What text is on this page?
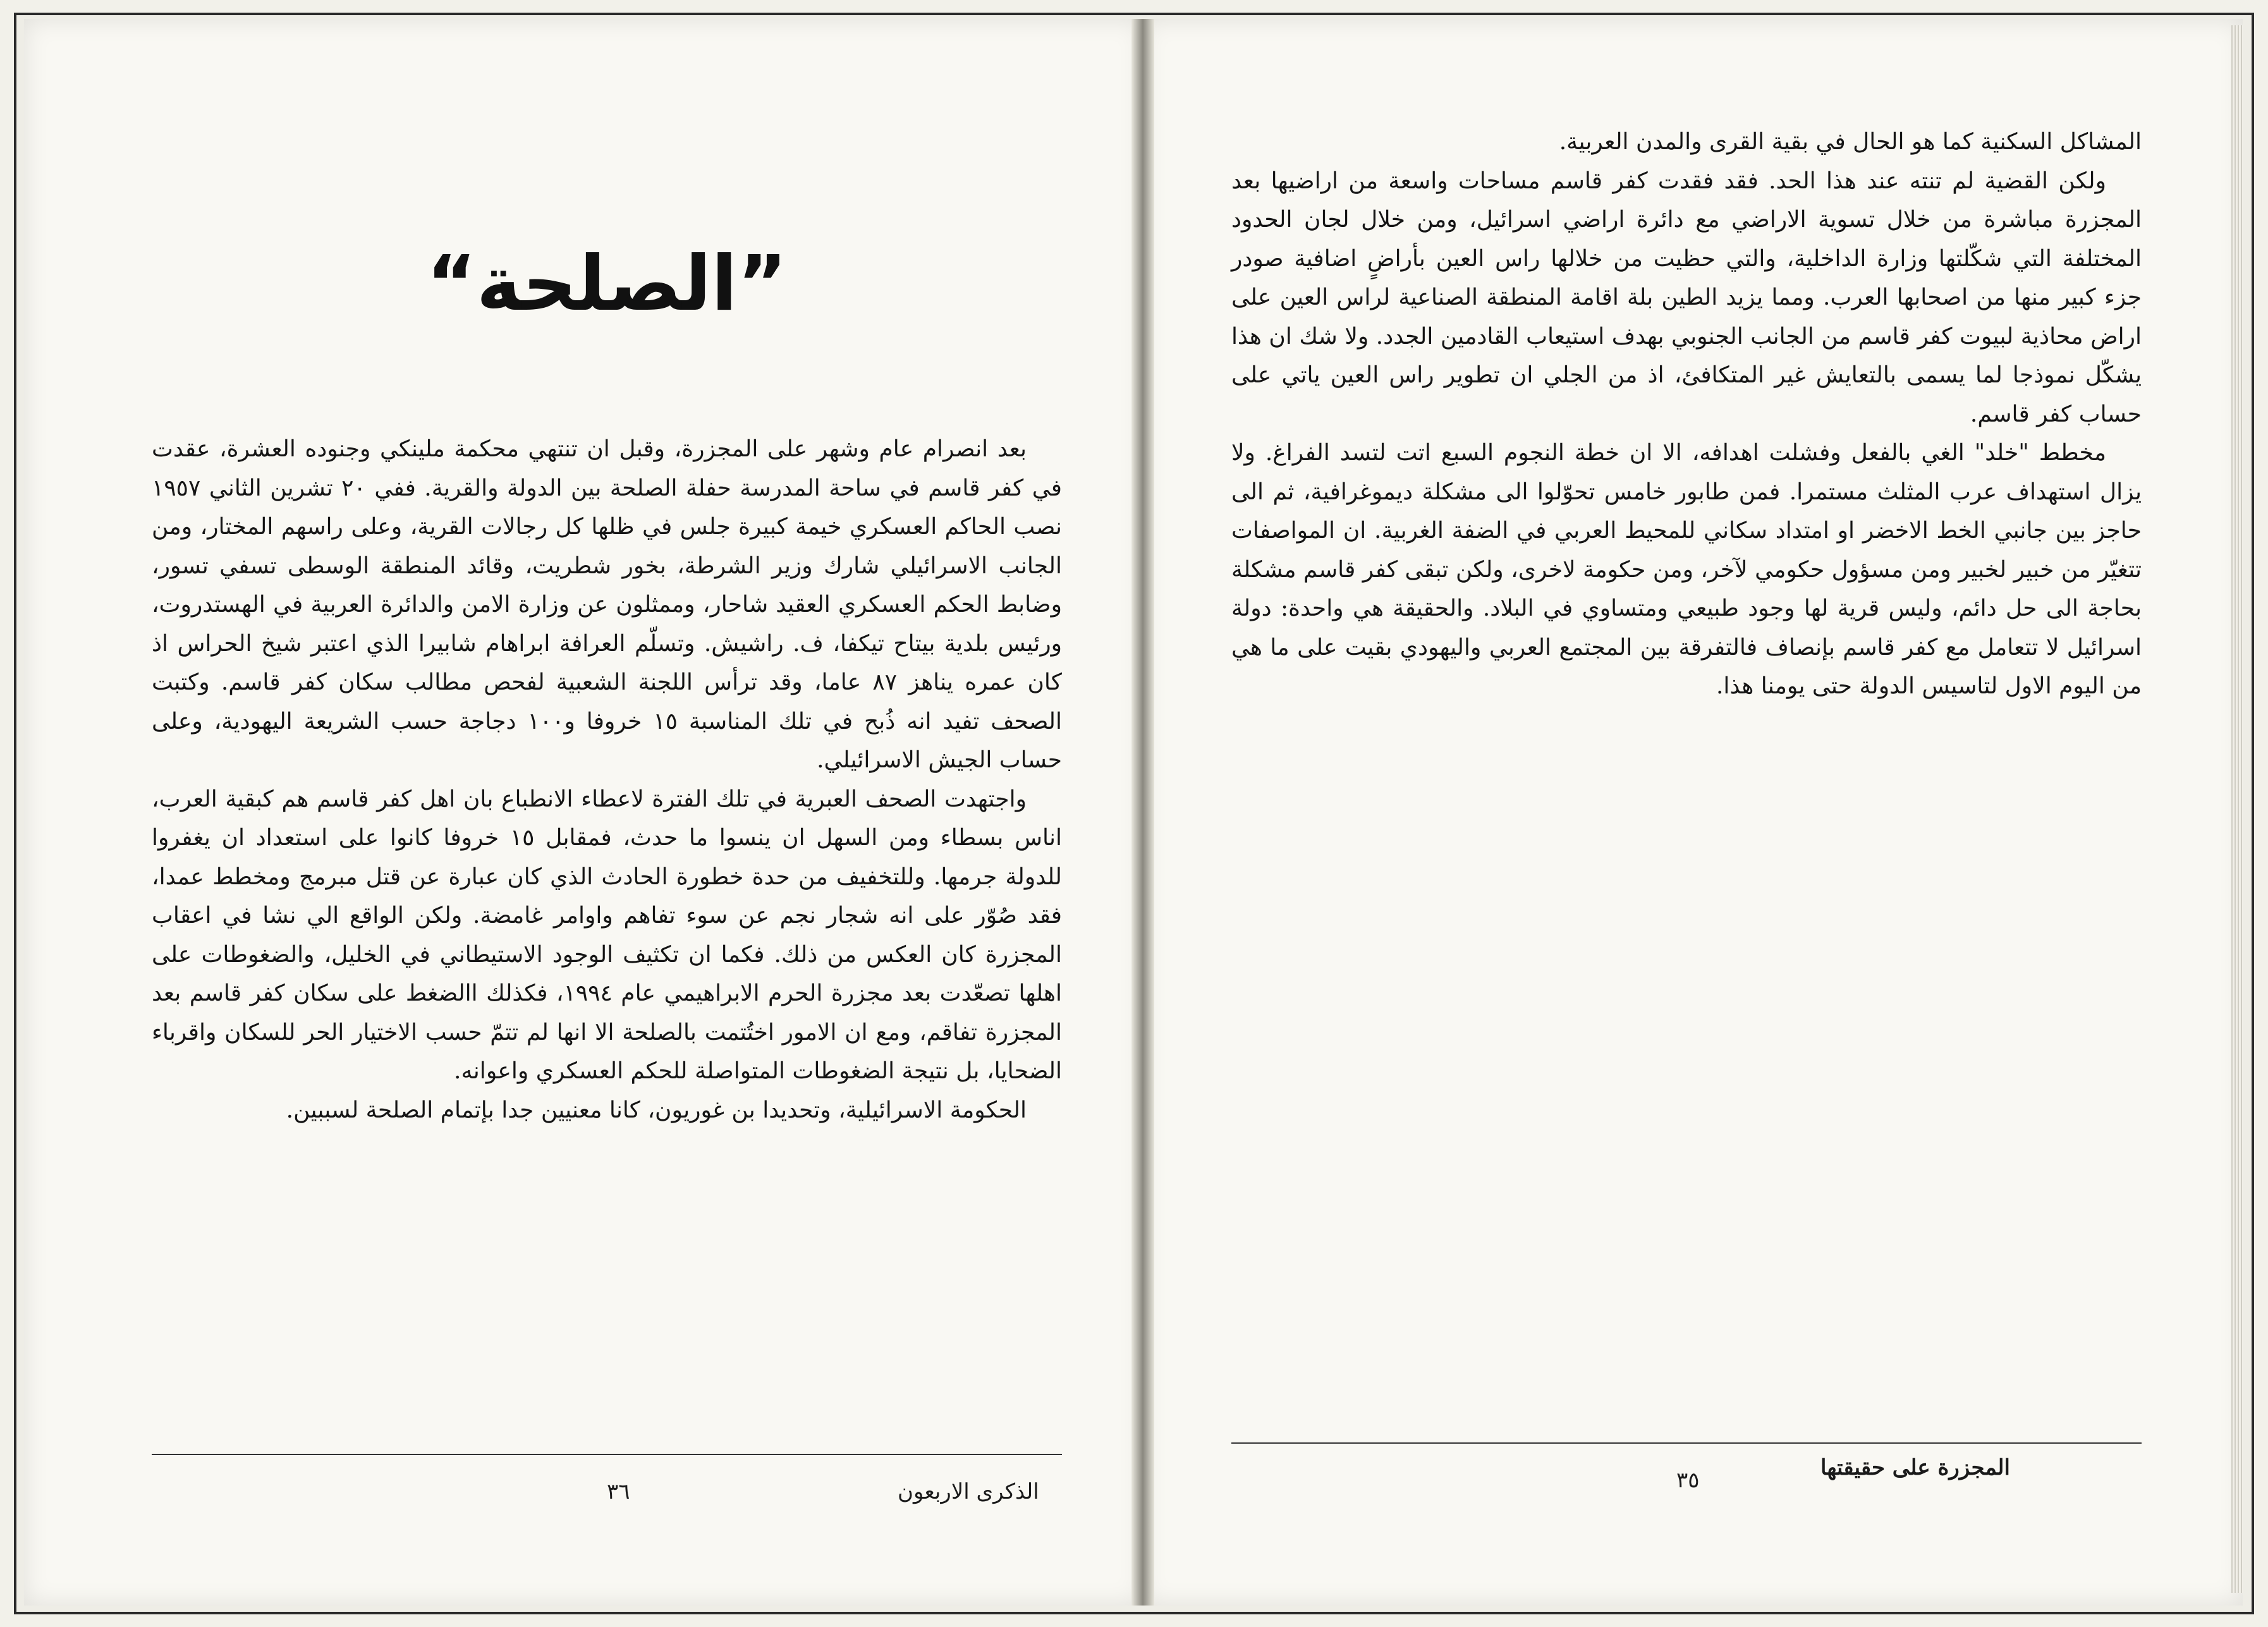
”الصلحة“

بعد انصرام عام وشهر على المجزرة، وقبل ان تنتهي محكمة ملينكي وجنوده العشرة، عقدت في كفر قاسم في ساحة المدرسة حفلة الصلحة بين الدولة والقرية. ففي ٢٠ تشرين الثاني ١٩٥٧ نصب الحاكم العسكري خيمة كبيرة جلس في ظلها كل رجالات القرية، وعلى راسهم المختار، ومن الجانب الاسرائيلي شارك وزير الشرطة، بخور شطريت، وقائد المنطقة الوسطى تسفي تسور، وضابط الحكم العسكري العقيد شاحار، وممثلون عن وزارة الامن والدائرة العربية في الهستدروت، ورئيس بلدية بيتاح تيكفا، ف. راشيش. وتسلّم العرافة ابراهام شابيرا الذي اعتبر شيخ الحراس اذ كان عمره يناهز ٨٧ عاما، وقد ترأس اللجنة الشعبية لفحص مطالب سكان كفر قاسم. وكتبت الصحف تفيد انه ذُبح في تلك المناسبة ١٥ خروفا و١٠٠ دجاجة حسب الشريعة اليهودية، وعلى حساب الجيش الاسرائيلي.

واجتهدت الصحف العبرية في تلك الفترة لاعطاء الانطباع بان اهل كفر قاسم هم كبقية العرب، اناس بسطاء ومن السهل ان ينسوا ما حدث، فمقابل ١٥ خروفا كانوا على استعداد ان يغفروا للدولة جرمها. وللتخفيف من حدة خطورة الحادث الذي كان عبارة عن قتل مبرمج ومخطط عمدا، فقد صُوّر على انه شجار نجم عن سوء تفاهم واوامر غامضة. ولكن الواقع الي نشا في اعقاب المجزرة كان العكس من ذلك. فكما ان تكثيف الوجود الاستيطاني في الخليل، والضغوطات على اهلها تصعّدت بعد مجزرة الحرم الابراهيمي عام ١٩٩٤، فكذلك االضغط على سكان كفر قاسم بعد المجزرة تفاقم، ومع ان الامور اختُتمت بالصلحة الا انها لم تتمّ حسب الاختيار الحر للسكان واقرباء الضحايا، بل نتيجة الضغوطات المتواصلة للحكم العسكري واعوانه.

الحكومة الاسرائيلية، وتحديدا بن غوريون، كانا معنيين جدا بإتمام الصلحة لسببين.

الذكرى الاربعون
٣٦

المشاكل السكنية كما هو الحال في بقية القرى والمدن العربية.

ولكن القضية لم تنته عند هذا الحد. فقد فقدت كفر قاسم مساحات واسعة من اراضيها بعد المجزرة مباشرة من خلال تسوية الاراضي مع دائرة اراضي اسرائيل، ومن خلال لجان الحدود المختلفة التي شكّلتها وزارة الداخلية، والتي حظيت من خلالها راس العين بأراضٍ اضافية صودر جزء كبير منها من اصحابها العرب. ومما يزيد الطين بلة اقامة المنطقة الصناعية لراس العين على اراض محاذية لبيوت كفر قاسم من الجانب الجنوبي بهدف استيعاب القادمين الجدد. ولا شك ان هذا يشكّل نموذجا لما يسمى بالتعايش غير المتكافئ، اذ من الجلي ان تطوير راس العين ياتي على حساب كفر قاسم.

مخطط "خلد" الغي بالفعل وفشلت اهدافه، الا ان خطة النجوم السبع اتت لتسد الفراغ. ولا يزال استهداف عرب المثلث مستمرا. فمن طابور خامس تحوّلوا الى مشكلة ديموغرافية، ثم الى حاجز بين جانبي الخط الاخضر او امتداد سكاني للمحيط العربي في الضفة الغربية. ان المواصفات تتغيّر من خبير لخبير ومن مسؤول حكومي لآخر، ومن حكومة لاخرى، ولكن تبقى كفر قاسم مشكلة بحاجة الى حل دائم، وليس قرية لها وجود طبيعي ومتساوي في البلاد. والحقيقة هي واحدة: دولة اسرائيل لا تتعامل مع كفر قاسم بإنصاف فالتفرقة بين المجتمع العربي واليهودي بقيت على ما هي من اليوم الاول لتاسيس الدولة حتى يومنا هذا.

المجزرة على حقيقتها
٣٥
